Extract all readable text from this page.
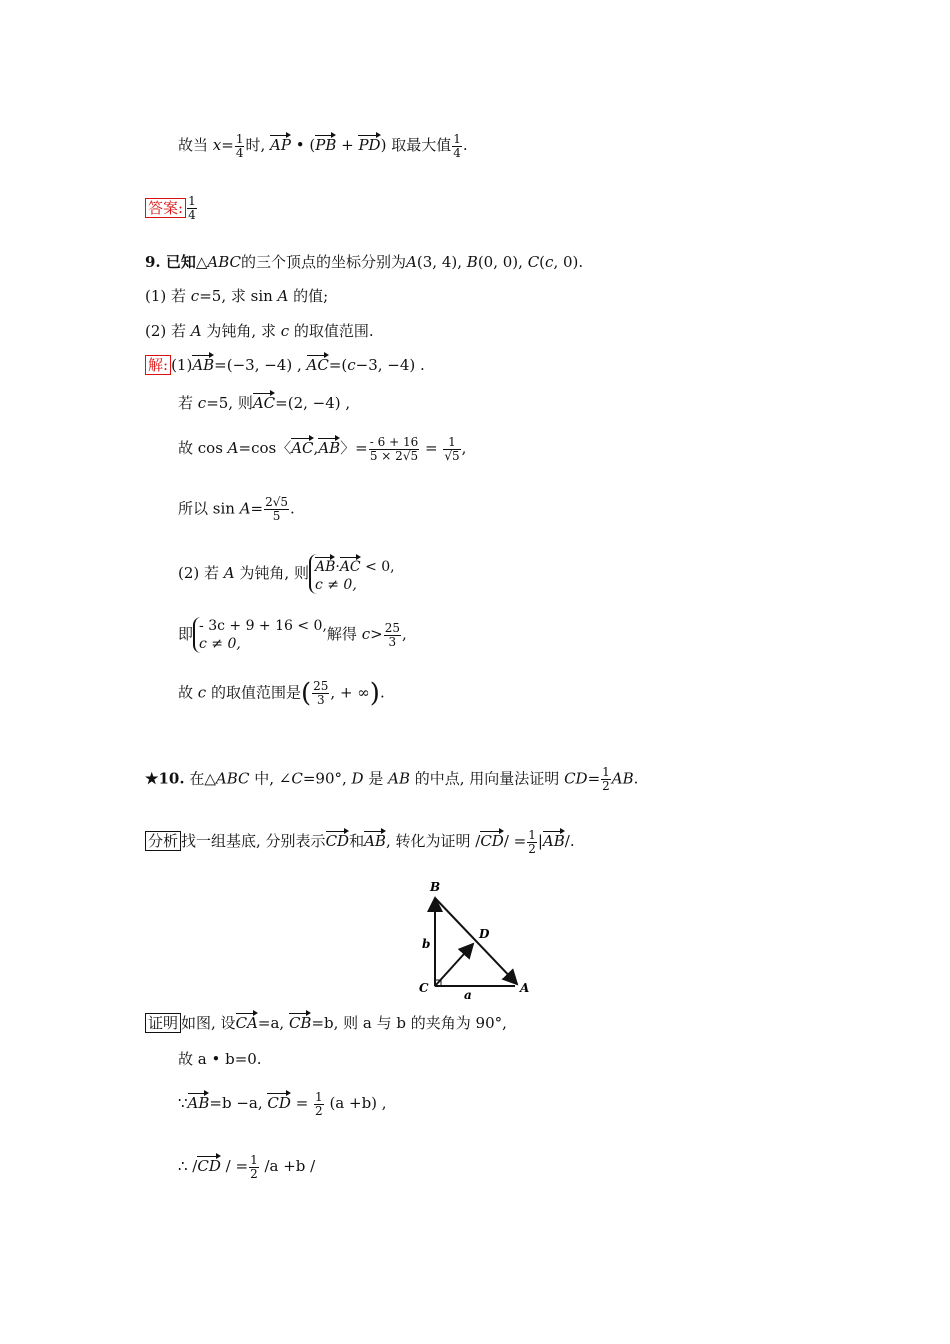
故当 $x= \frac{1}{4}$ 时, AP • (PB + PD) 取最大值 $\frac{1}{4}$ .
答案: $\frac{1}{4}$
9. 已知△ABC的三个顶点的坐标分别为A(3, 4), B(0, 0), C(c, 0).
(1) 若 c=5, 求 sin A 的值;
(2) 若 A 为钝角, 求 c 的取值范围.
解: (1)AB=(−3, −4) , AC=(c−3, −4) .
若 c=5, 则AC=(2, −4) ,
故 cos A=cos〈AC,AB〉= $\frac{- 6 + 16}{5 \times 2√5} = \frac{1}{√5}$ ,
所以 $\sin A= \frac{2√5}{5}$ .
(2) 若 A 为钝角, 则 AB·AC < 0,
c ≠ 0,
即 - 3c + 9 + 16 < 0,
c ≠ 0,
解得 $c> \frac{25}{3}$ ,
故 c 的取值范围是( $\frac{25}{3}$ , + ∞).
★10. 在△ABC 中, ∠C=90°, D 是 AB 的中点, 用向量法证明 $CD= \frac{1}{2}$ AB.
分析 找一组基底, 分别表示CD和AB, 转化为证明 $/CD/ = \frac{1}{2} |AB/$.
B
D
b
C	a	A
证明 如图, 设CA=a, CB=b, 则 a 与 b 的夹角为 90°,
故 a • b=0.
∵AB=b −a, CD = $\frac{1}{2} (a +b)$ ,
∴ /CD / = $\frac{1}{2} /a +b$ /
